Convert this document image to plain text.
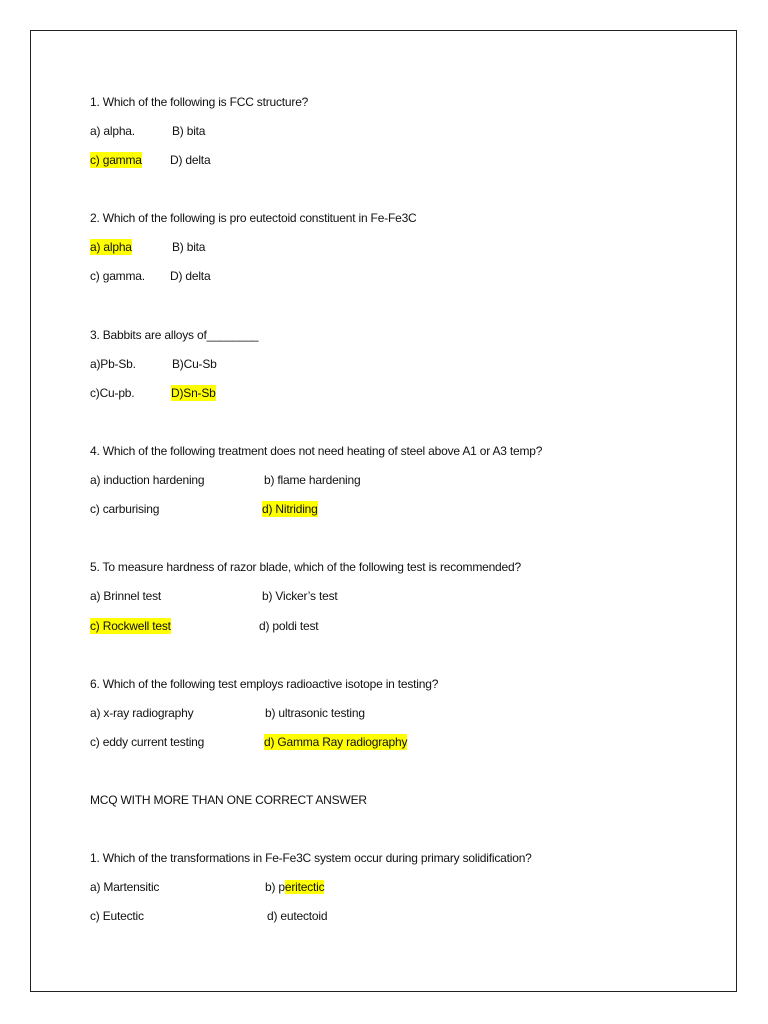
1. Which of the following is FCC structure?
a) alpha.	B) bita
c) gamma D) delta
2. Which of the following is pro eutectoid constituent in Fe-Fe3C
a) alpha	B) bita
c) gamma. D) delta
3. Babbits are alloys of________
a)Pb-Sb.	B)Cu-Sb
c)Cu-pb.	D)Sn-Sb
4. Which of the following treatment does not need heating of steel above A1 or A3 temp?
a) induction hardening	b) flame hardening
c) carburising	d) Nitriding
5. To measure hardness of razor blade, which of the following test is recommended?
a) Brinnel test	b) Vicker’s test
c) Rockwell test	d) poldi test
6. Which of the following test employs radioactive isotope in testing?
a) x-ray radiography	b) ultrasonic testing
c) eddy current testing	d) Gamma Ray radiography
MCQ WITH MORE THAN ONE CORRECT ANSWER
1. Which of the transformations in Fe-Fe3C system occur during primary solidification?
a) Martensitic	b) peritectic
c) Eutectic	d) eutectoid
